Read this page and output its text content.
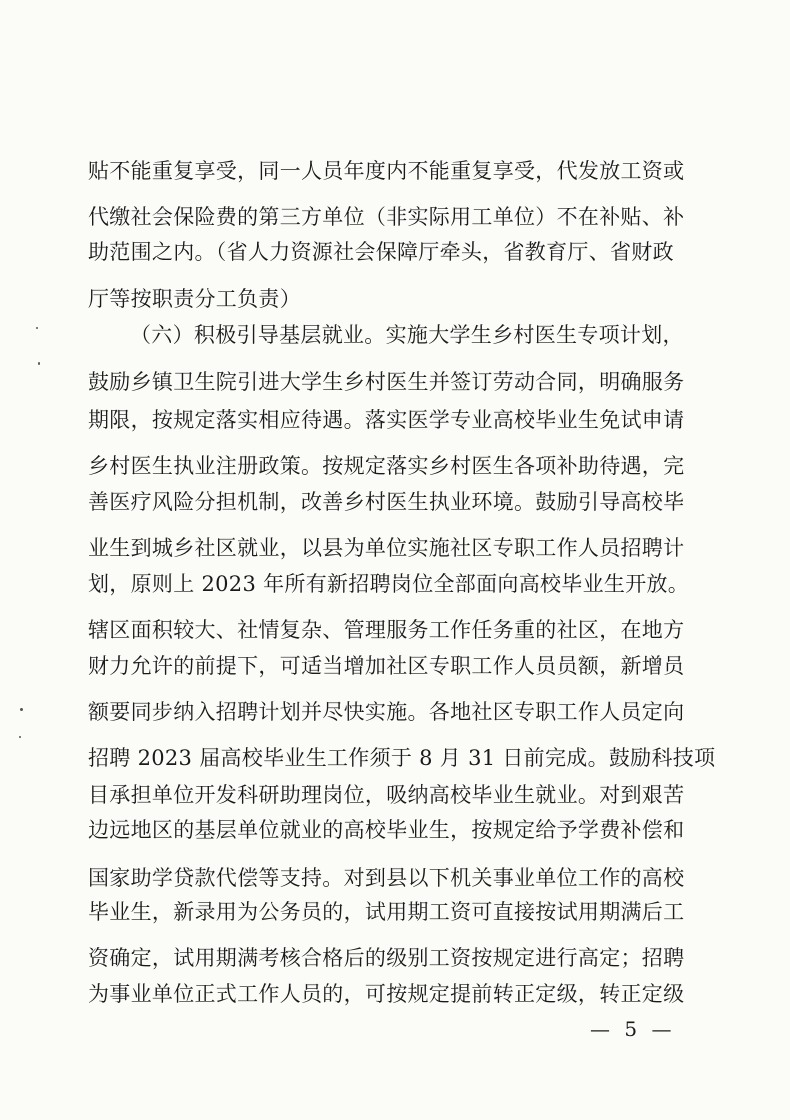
贴不能重复享受，同一人员年度内不能重复享受，代发放工资或
代缴社会保险费的第三方单位（非实际用工单位）不在补贴、补
助范围之内。（省人力资源社会保障厅牵头，省教育厅、省财政
厅等按职责分工负责）
（六）积极引导基层就业。实施大学生乡村医生专项计划，
鼓励乡镇卫生院引进大学生乡村医生并签订劳动合同，明确服务
期限，按规定落实相应待遇。落实医学专业高校毕业生免试申请
乡村医生执业注册政策。按规定落实乡村医生各项补助待遇，完
善医疗风险分担机制，改善乡村医生执业环境。鼓励引导高校毕
业生到城乡社区就业，以县为单位实施社区专职工作人员招聘计
划，原则上 2023 年所有新招聘岗位全部面向高校毕业生开放。
辖区面积较大、社情复杂、管理服务工作任务重的社区，在地方
财力允许的前提下，可适当增加社区专职工作人员员额，新增员
额要同步纳入招聘计划并尽快实施。各地社区专职工作人员定向
招聘 2023 届高校毕业生工作须于 8 月 31 日前完成。鼓励科技项
目承担单位开发科研助理岗位，吸纳高校毕业生就业。对到艰苦
边远地区的基层单位就业的高校毕业生，按规定给予学费补偿和
国家助学贷款代偿等支持。对到县以下机关事业单位工作的高校
毕业生，新录用为公务员的，试用期工资可直接按试用期满后工
资确定，试用期满考核合格后的级别工资按规定进行高定；招聘
为事业单位正式工作人员的，可按规定提前转正定级，转正定级
— 5 —
